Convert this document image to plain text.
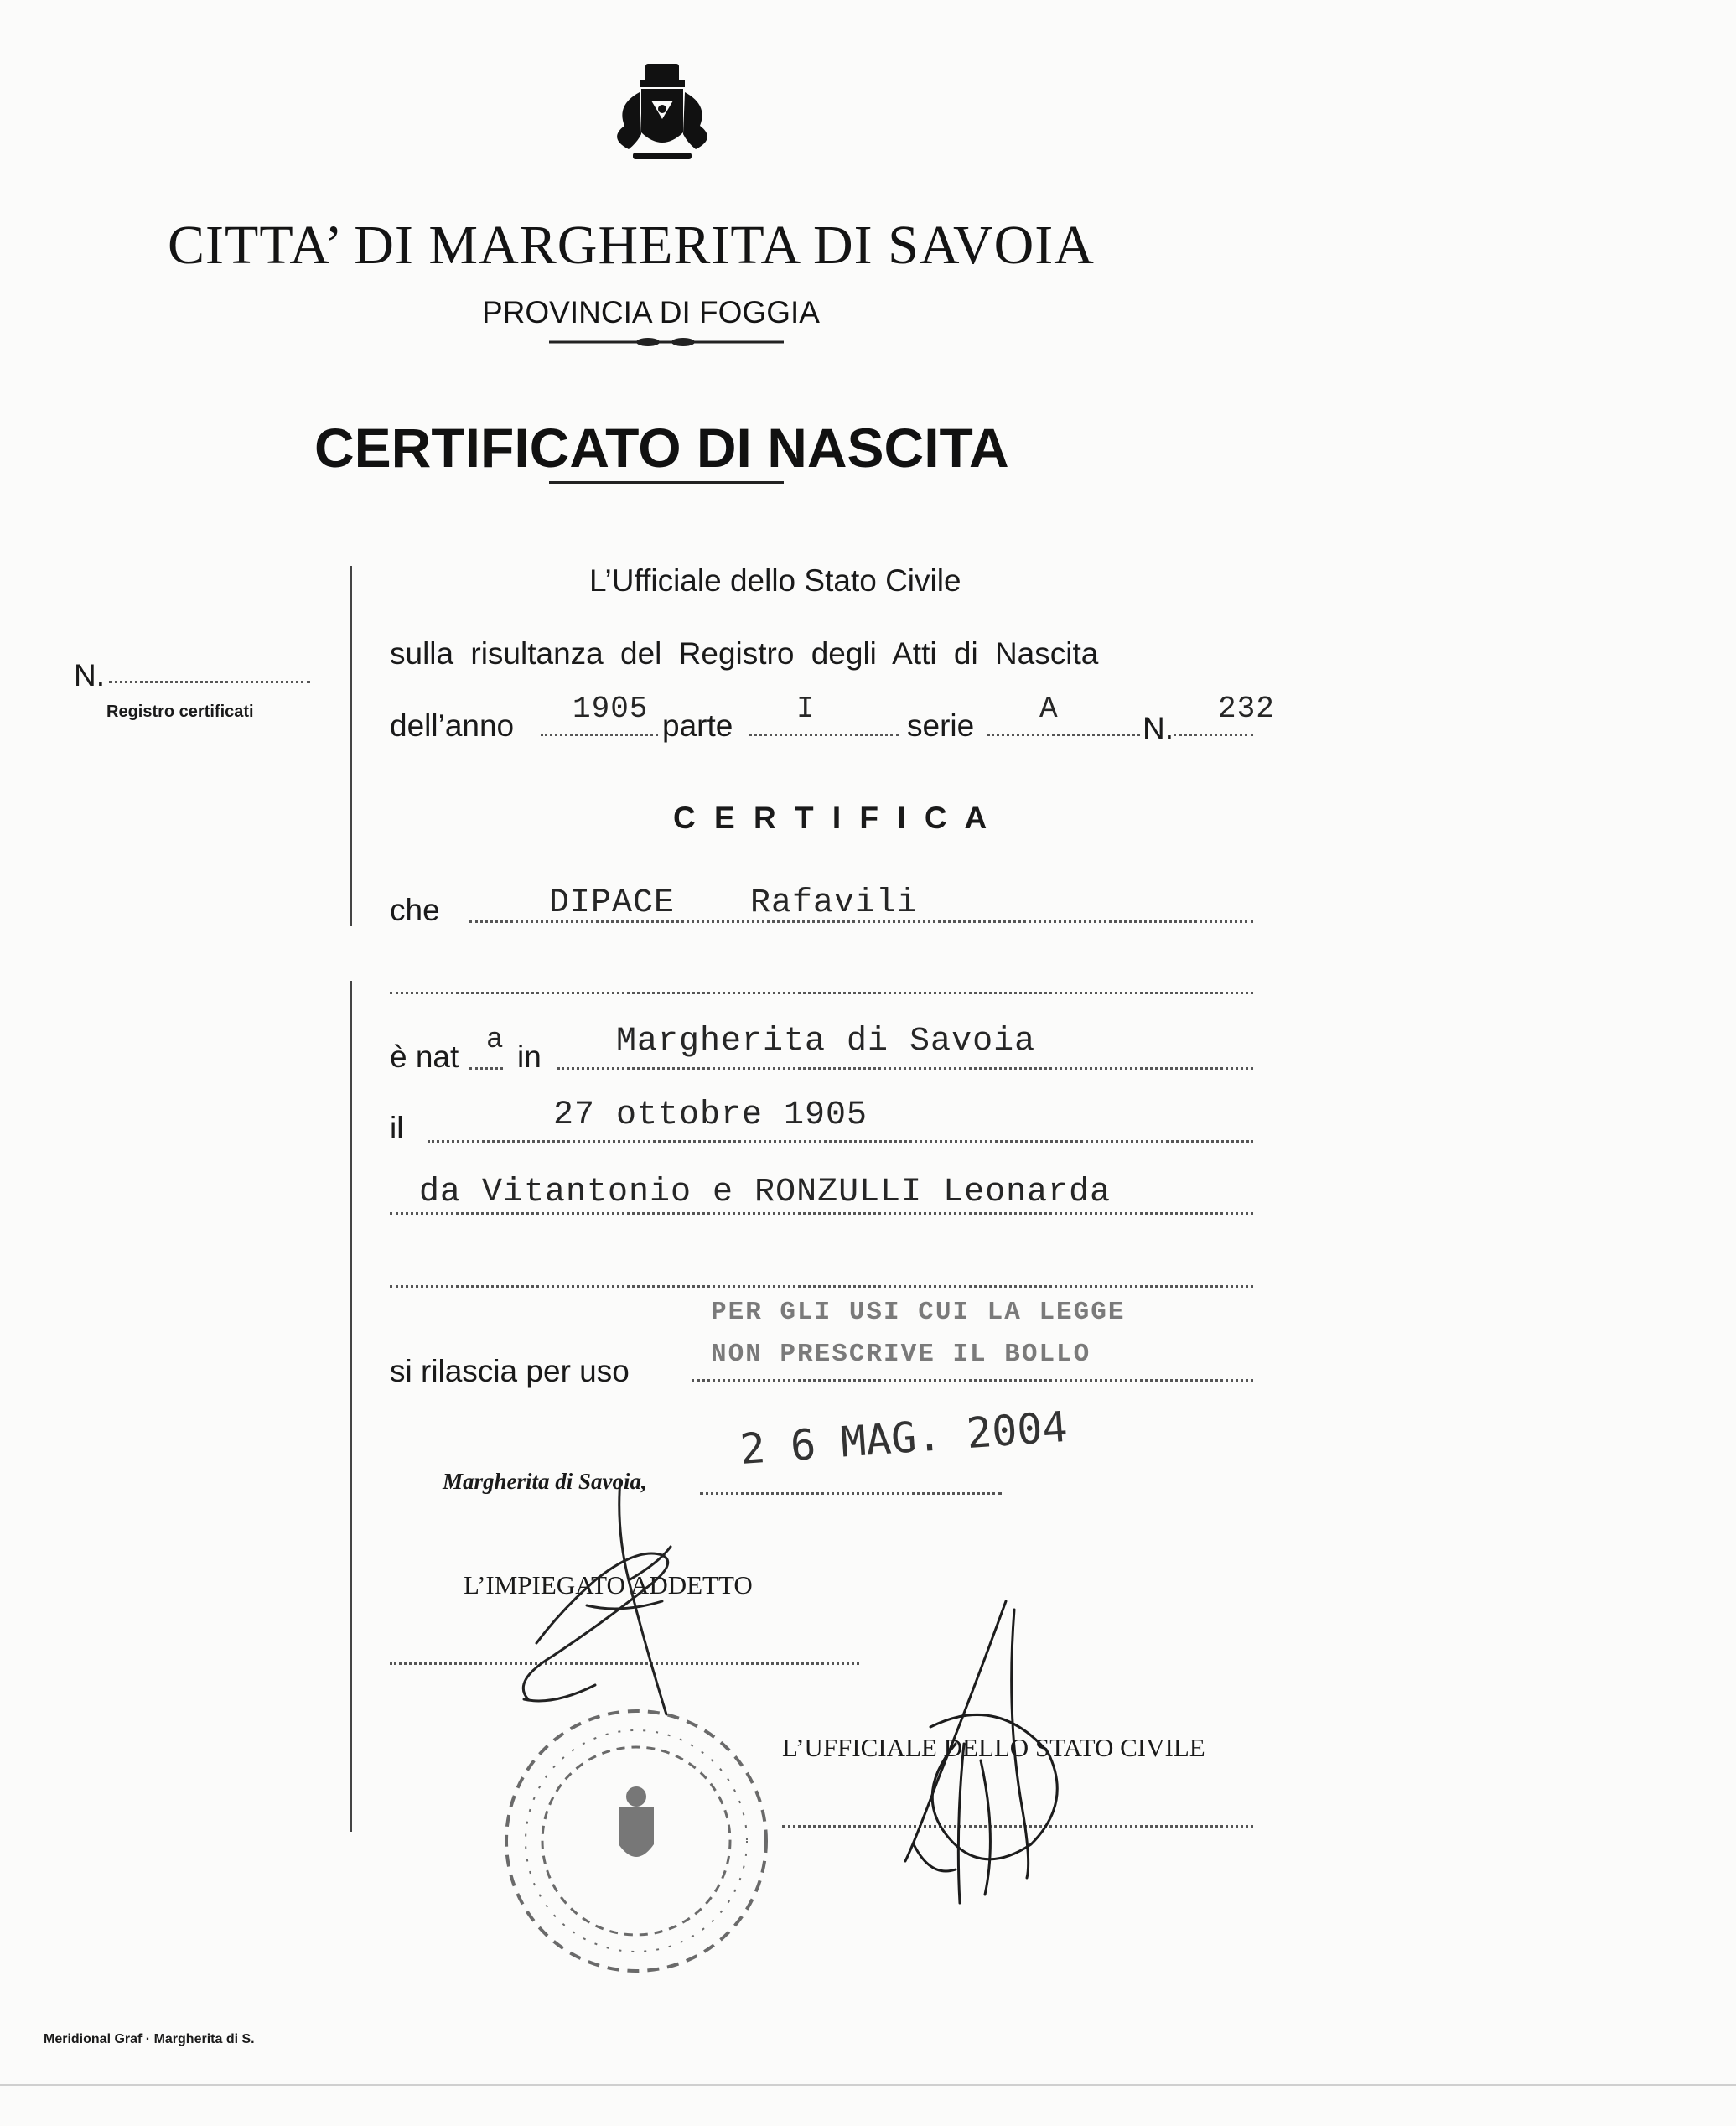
CITTA’ DI MARGHERITA DI SAVOIA
PROVINCIA DI FOGGIA
CERTIFICATO DI NASCITA
N.
Registro certificati
L’Ufficiale dello Stato Civile
sulla risultanza del Registro degli Atti di Nascita
dell’anno 1905 parte I	serie A
N.
232
C E R T I F I C A
che	DIPACE Rafavili
è nat a in Margherita di Savoia
il	27 ottobre 1905
da Vitantonio e RONZULLI Leonarda
PER GLI USI CUI LA LEGGE
NON PRESCRIVE IL BOLLO
si rilascia per uso
Margherita di Savoia,
2 6 MAG. 2004
L’IMPIEGATO ADDETTO
L’UFFICIALE DELLO STATO CIVILE
Meridional Graf · Margherita di S.
